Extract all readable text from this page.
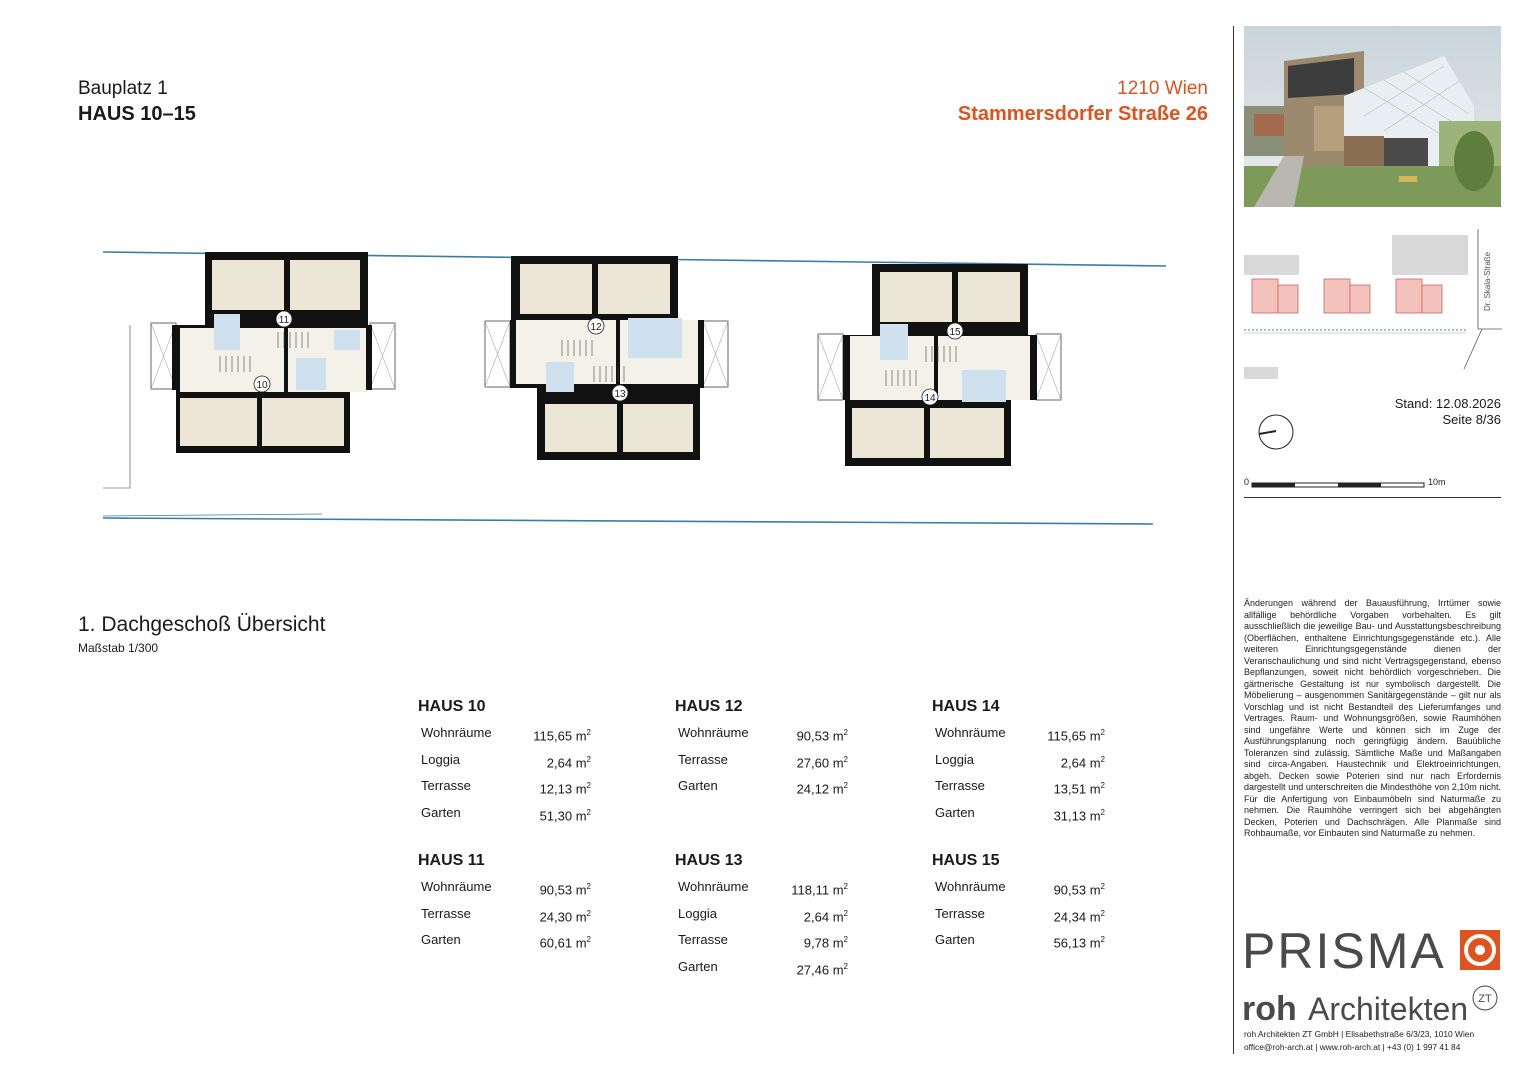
Bauplatz 1
HAUS 10–15
1210 Wien
Stammersdorfer Straße 26
11
10
12
13
15
14
1. Dachgeschoß Übersicht
Maßstab 1/300
HAUS 10
Wohnräume	115,65 $m^2$
Loggia	2,64 $m^2$
Terrasse	12,13 $m^2$
Garten	51,30 $m^2$
HAUS 12
Wohnräume	90,53 $m^2$
Terrasse	27,60 $m^2$
Garten	24,12 $m^2$
HAUS 14
Wohnräume	115,65 $m^2$
Loggia	2,64 $m^2$
Terrasse	13,51 $m^2$
Garten	31,13 $m^2$
HAUS 11
Wohnräume	90,53 $m^2$
Terrasse	24,30 $m^2$
Garten	60,61 $m^2$
HAUS 13
Wohnräume	118,11 $m^2$
Loggia	2,64 $m^2$
Terrasse	9,78 $m^2$
Garten	27,46 $m^2$
HAUS 15
Wohnräume	90,53 $m^2$
Terrasse	24,34 $m^2$
Garten	56,13 $m^2$
Dr. Skala-Straße
Stand: 12.08.2026
Seite 8/36
0	10m
Änderungen während der Bauausführung, Irrtümer sowie allfällige behördliche Vorgaben vorbehalten. Es gilt ausschließlich die jeweilige Bau- und Ausstattungsbeschreibung (Oberflächen, enthaltene Einrichtungsgegenstände etc.). Alle weiteren Einrichtungsgegenstände dienen der Veranschaulichung und sind nicht Vertragsgegenstand, ebenso Bepflanzungen, soweit nicht behördlich vorgeschrieben. Die gärtnerische Gestaltung ist nur symbolisch dargestellt. Die Möbelierung – ausgenommen Sanitärgegenstände – gilt nur als Vorschlag und ist nicht Bestandteil des Lieferumfanges und Vertrages. Raum- und Wohnungsgrößen, sowie Raumhöhen sind ungefähre Werte und können sich im Zuge der Ausführungsplanung noch geringfügig ändern. Bauübliche Toleranzen sind zulässig. Sämtliche Maße und Maßangaben sind circa-Angaben. Haustechnik und Elektroeinrichtungen, abgeh. Decken sowie Poterien sind nur nach Erfordernis dargestellt und unterschreiten die Mindesthöhe von 2,10m nicht. Für die Anfertigung von Einbaumöbeln sind Naturmaße zu nehmen. Die Raumhöhe verringert sich bei abgehängten Decken, Poterien und Dachschrägen. Alle Planmaße sind Rohbaumaße, vor Einbauten sind Naturmaße zu nehmen.
PRISMA
roh Architekten ZT
roh Architekten ZT GmbH | Elisabethstraße 6/3/23, 1010 Wien
office@roh-arch.at | www.roh-arch.at | +43 (0) 1 997 41 84
